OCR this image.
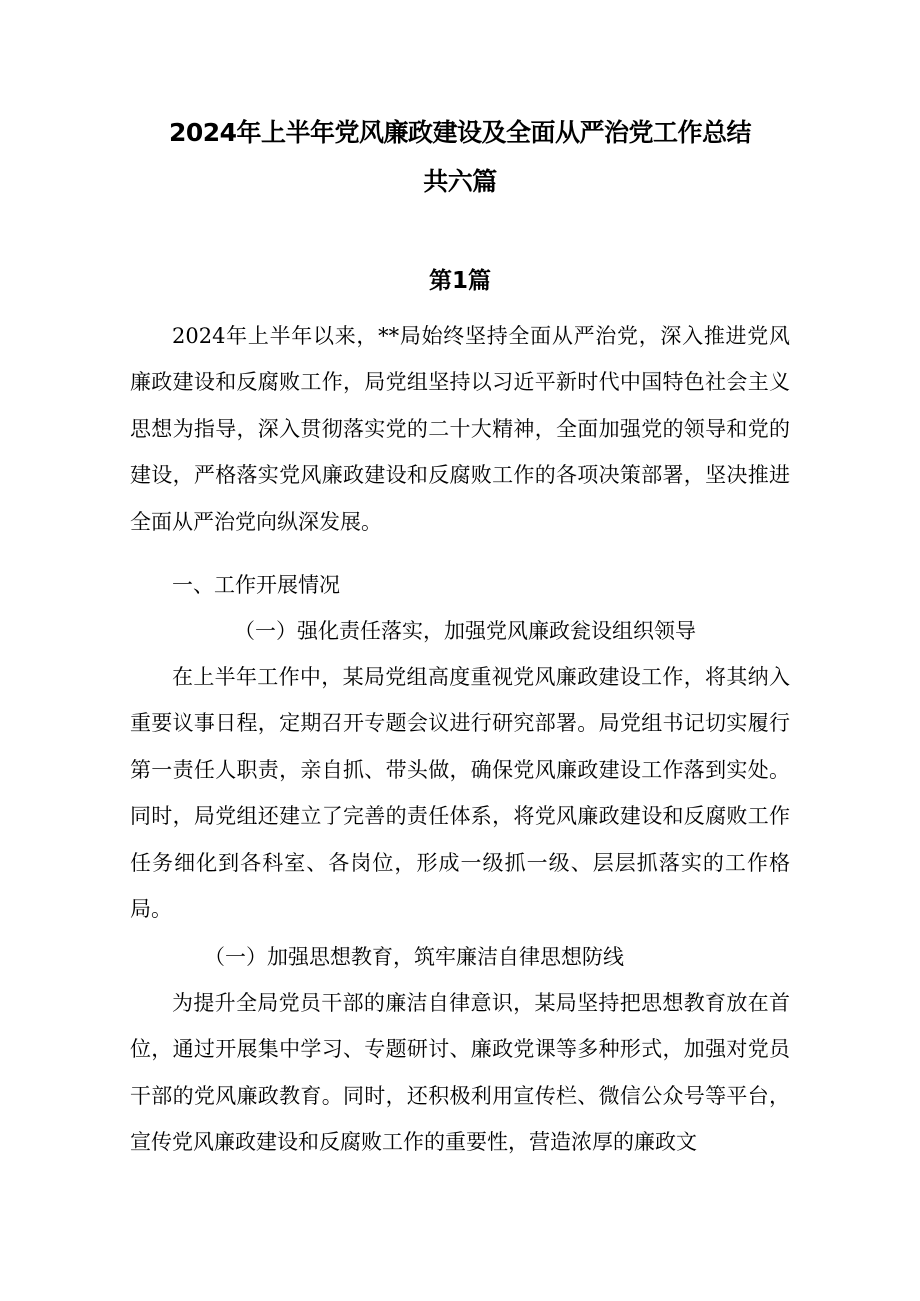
2024年上半年党风廉政建设及全面从严治党工作总结
共六篇
第1篇
2024年上半年以来，**局始终坚持全面从严治党，深入推进党风廉政建设和反腐败工作，局党组坚持以习近平新时代中国特色社会主义思想为指导，深入贯彻落实党的二十大精神，全面加强党的领导和党的建设，严格落实党风廉政建设和反腐败工作的各项决策部署，坚决推进全面从严治党向纵深发展。
一、工作开展情况
（一）强化责任落实，加强党风廉政瓮设组织领导
在上半年工作中，某局党组高度重视党风廉政建设工作，将其纳入重要议事日程，定期召开专题会议进行研究部署。局党组书记切实履行第一责任人职责，亲自抓、带头做，确保党风廉政建设工作落到实处。同时，局党组还建立了完善的责任体系，将党风廉政建设和反腐败工作任务细化到各科室、各岗位，形成一级抓一级、层层抓落实的工作格局。
（一）加强思想教育，筑牢廉洁自律思想防线
为提升全局党员干部的廉洁自律意识，某局坚持把思想教育放在首位，通过开展集中学习、专题研讨、廉政党课等多种形式，加强对党员干部的党风廉政教育。同时，还积极利用宣传栏、微信公众号等平台，宣传党风廉政建设和反腐败工作的重要性，营造浓厚的廉政文
